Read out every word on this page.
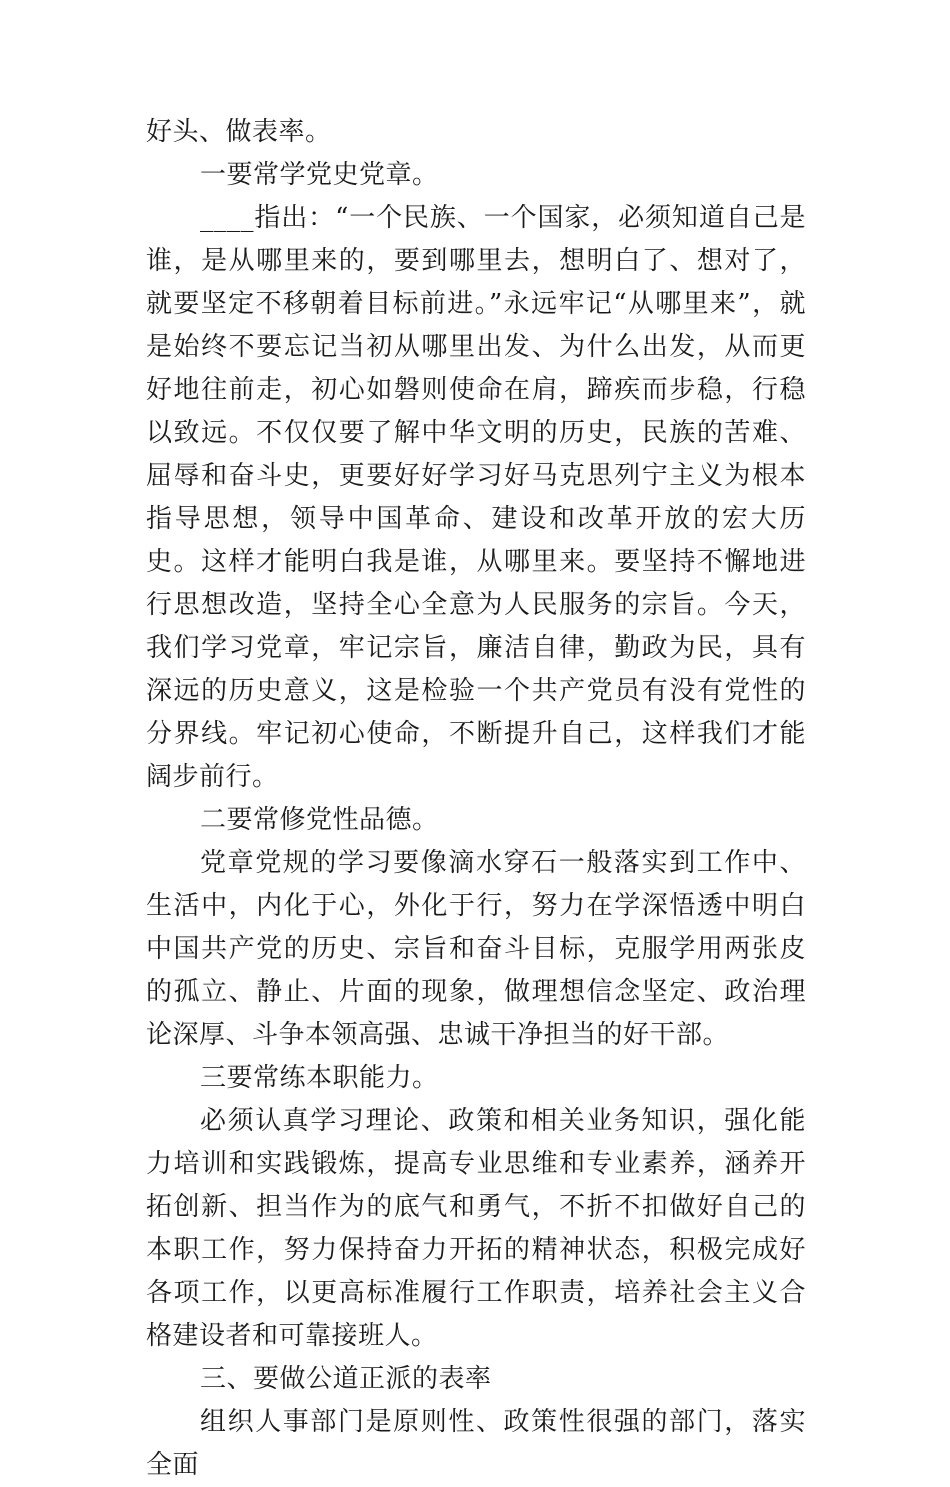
好头、做表率。

一要常学党史党章。

____指出：“一个民族、一个国家，必须知道自己是谁，是从哪里来的，要到哪里去，想明白了、想对了，就要坚定不移朝着目标前进。”永远牢记“从哪里来”，就是始终不要忘记当初从哪里出发、为什么出发，从而更好地往前走，初心如磐则使命在肩，蹄疾而步稳，行稳以致远。不仅仅要了解中华文明的历史，民族的苦难、屈辱和奋斗史，更要好好学习好马克思列宁主义为根本指导思想，领导中国革命、建设和改革开放的宏大历史。这样才能明白我是谁，从哪里来。要坚持不懈地进行思想改造，坚持全心全意为人民服务的宗旨。今天，我们学习党章，牢记宗旨，廉洁自律，勤政为民，具有深远的历史意义，这是检验一个共产党员有没有党性的分界线。牢记初心使命，不断提升自己，这样我们才能阔步前行。

二要常修党性品德。

党章党规的学习要像滴水穿石一般落实到工作中、生活中，内化于心，外化于行，努力在学深悟透中明白中国共产党的历史、宗旨和奋斗目标，克服学用两张皮的孤立、静止、片面的现象，做理想信念坚定、政治理论深厚、斗争本领高强、忠诚干净担当的好干部。

三要常练本职能力。

必须认真学习理论、政策和相关业务知识，强化能力培训和实践锻炼，提高专业思维和专业素养，涵养开拓创新、担当作为的底气和勇气，不折不扣做好自己的本职工作，努力保持奋力开拓的精神状态，积极完成好各项工作，以更高标准履行工作职责，培养社会主义合格建设者和可靠接班人。

三、要做公道正派的表率

组织人事部门是原则性、政策性很强的部门，落实全面
